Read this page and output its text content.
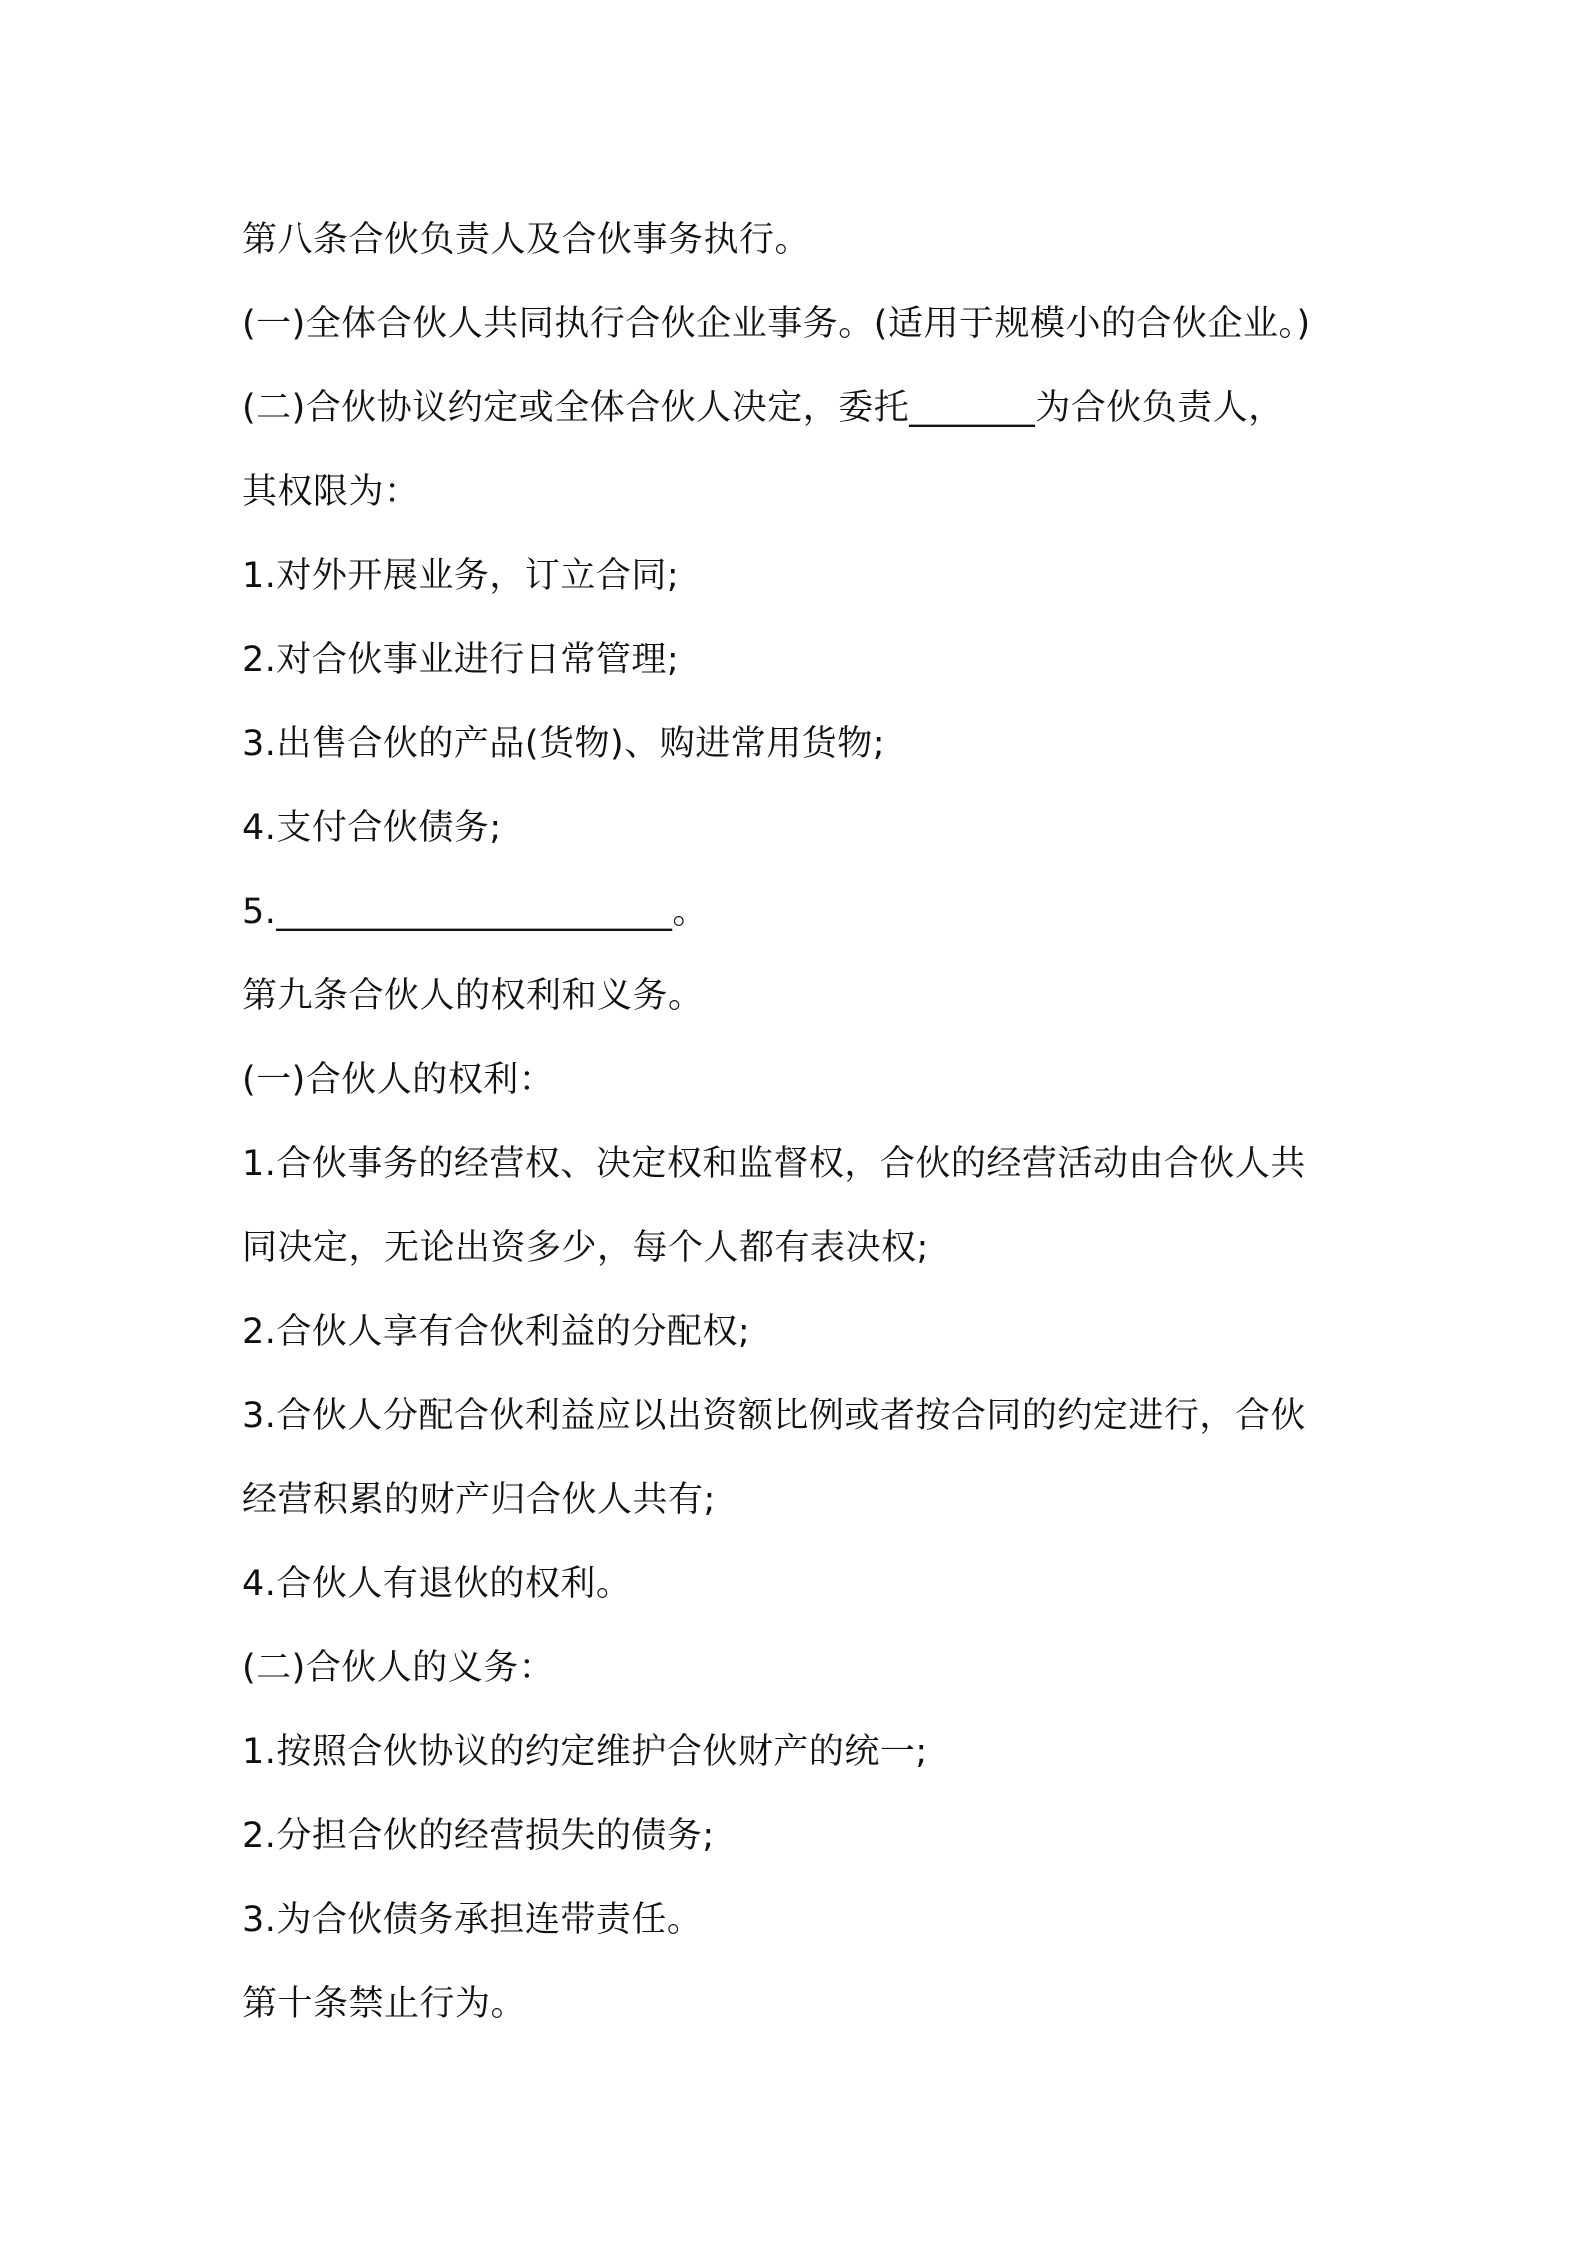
第八条合伙负责人及合伙事务执行。
(一)全体合伙人共同执行合伙企业事务。(适用于规模小的合伙企业。)
(二)合伙协议约定或全体合伙人决定，委托_______为合伙负责人，
其权限为：
1.对外开展业务，订立合同;
2.对合伙事业进行日常管理;
3.出售合伙的产品(货物)、购进常用货物;
4.支付合伙债务;
5.______________________。
第九条合伙人的权利和义务。
(一)合伙人的权利：
1.合伙事务的经营权、决定权和监督权，合伙的经营活动由合伙人共
同决定，无论出资多少，每个人都有表决权;
2.合伙人享有合伙利益的分配权;
3.合伙人分配合伙利益应以出资额比例或者按合同的约定进行，合伙
经营积累的财产归合伙人共有;
4.合伙人有退伙的权利。
(二)合伙人的义务：
1.按照合伙协议的约定维护合伙财产的统一;
2.分担合伙的经营损失的债务;
3.为合伙债务承担连带责任。
第十条禁止行为。
